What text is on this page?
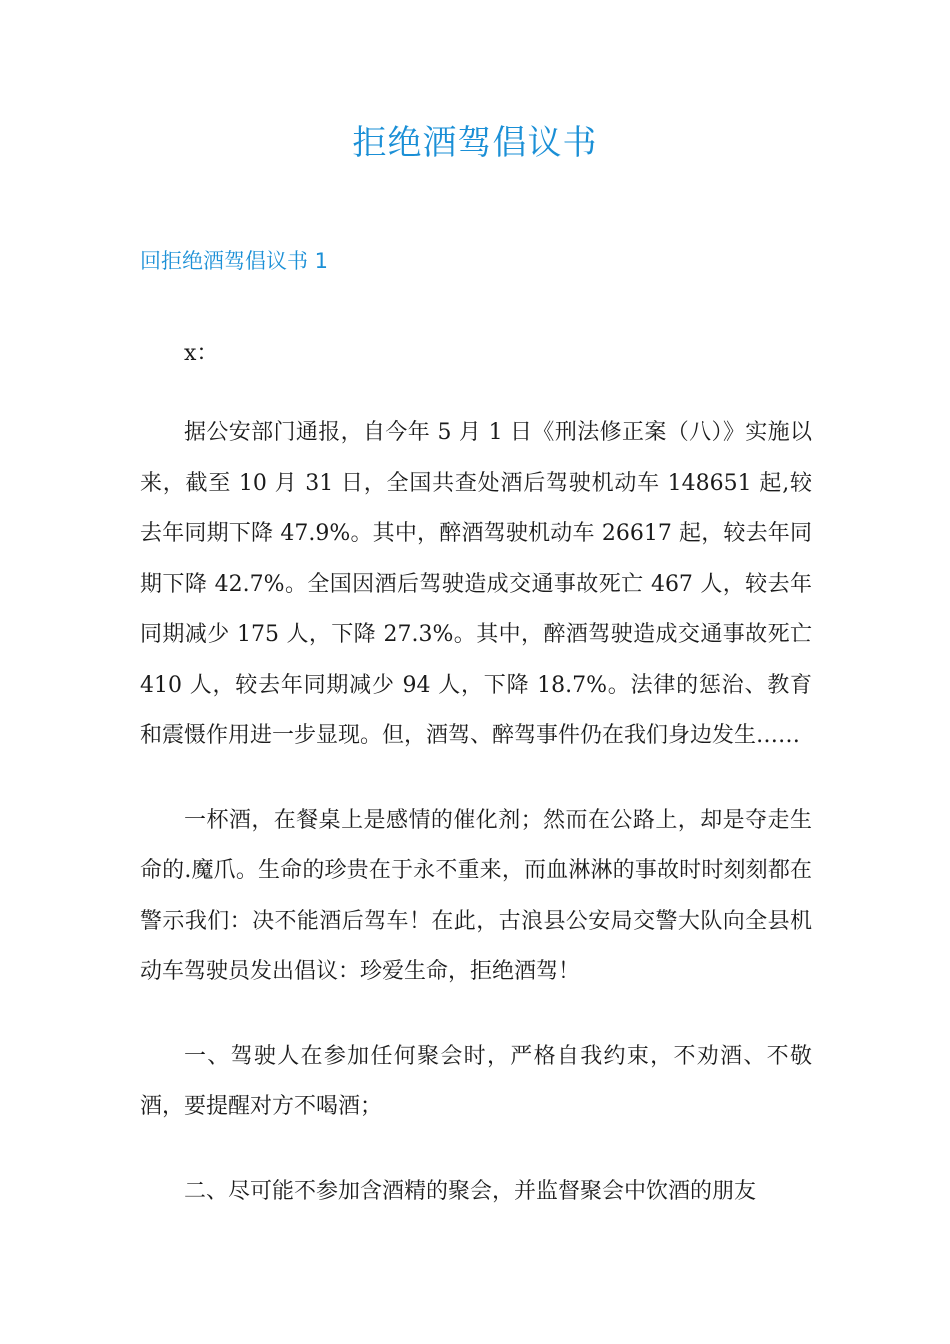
拒绝酒驾倡议书
回拒绝酒驾倡议书 1

x：

据公安部门通报，自今年 5 月 1 日《刑法修正案（八）》实施以来，截至 10 月 31 日，全国共查处酒后驾驶机动车 148651 起,较去年同期下降 47.9%。其中，醉酒驾驶机动车 26617 起，较去年同期下降 42.7%。全国因酒后驾驶造成交通事故死亡 467 人，较去年同期减少 175 人，下降 27.3%。其中，醉酒驾驶造成交通事故死亡 410 人，较去年同期减少 94 人，下降 18.7%。法律的惩治、教育和震慑作用进一步显现。但，酒驾、醉驾事件仍在我们身边发生……

一杯酒，在餐桌上是感情的催化剂；然而在公路上，却是夺走生命的.魔爪。生命的珍贵在于永不重来，而血淋淋的事故时时刻刻都在警示我们：决不能酒后驾车！在此，古浪县公安局交警大队向全县机动车驾驶员发出倡议：珍爱生命，拒绝酒驾！

一、驾驶人在参加任何聚会时，严格自我约束，不劝酒、不敬酒，要提醒对方不喝酒；

二、尽可能不参加含酒精的聚会，并监督聚会中饮酒的朋友
